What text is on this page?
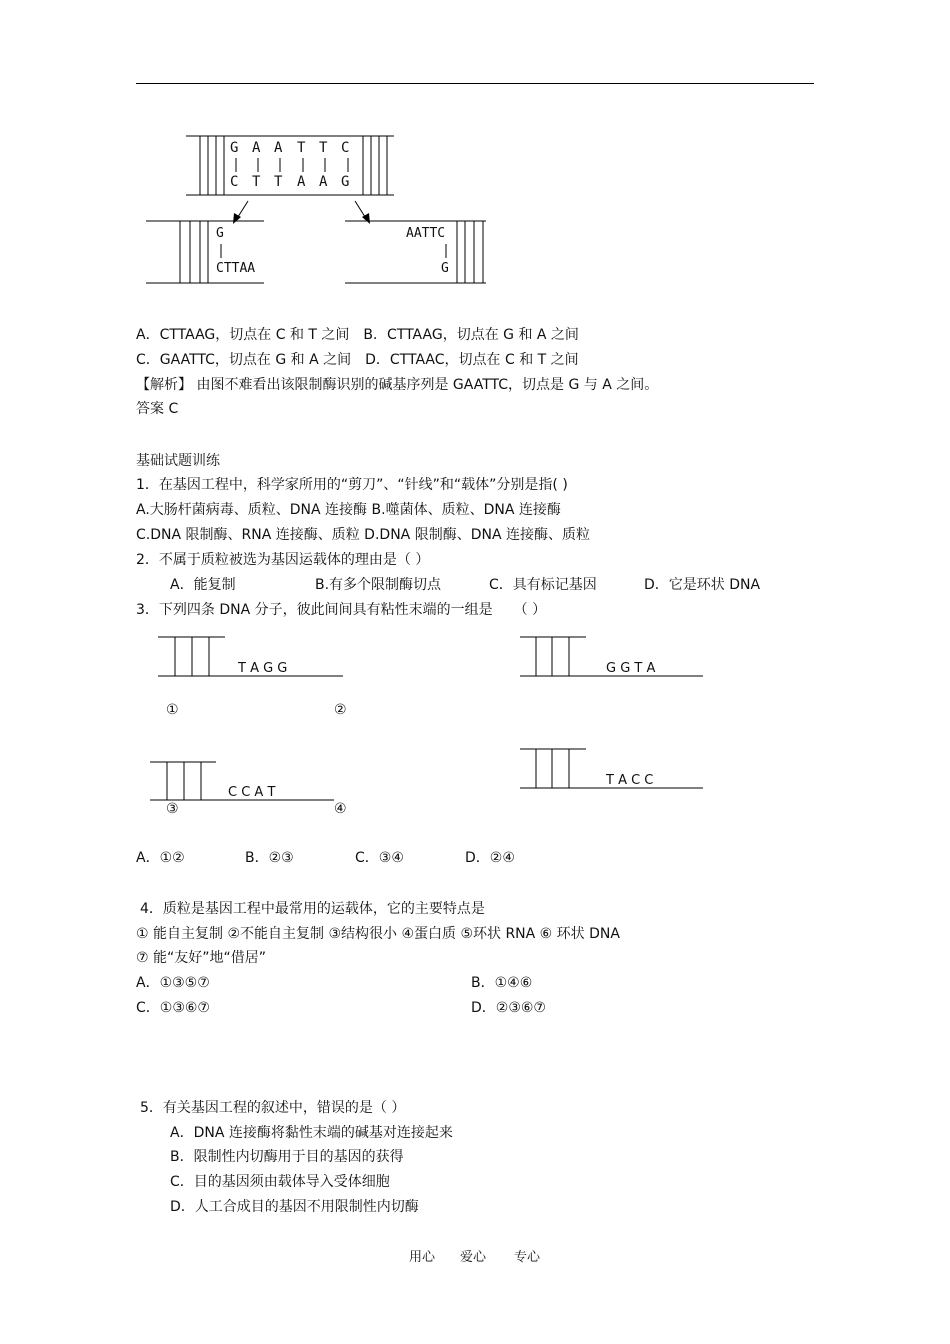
G A A T T C
C T T A A G
G
CTTAA
AATTC
G
A．CTTAAG，切点在 C 和 T 之间　B．CTTAAG，切点在 G 和 A 之间
C．GAATTC，切点在 G 和 A 之间　D．CTTAAC，切点在 C 和 T 之间
【解析】 由图不难看出该限制酶识别的碱基序列是 GAATTC，切点是 G 与 A 之间。
答案 C
基础试题训练
1．在基因工程中，科学家所用的“剪刀”、“针线”和“载体”分别是指( )
A.大肠杆菌病毒、质粒、DNA 连接酶 B.噬菌体、质粒、DNA 连接酶
C.DNA 限制酶、RNA 连接酶、质粒 D.DNA 限制酶、DNA 连接酶、质粒
2．不属于质粒被选为基因运载体的理由是（ ）
A．能复制	B.有多个限制酶切点	C．具有标记基因	D．它是环状 DNA
3．下列四条 DNA 分子，彼此间间具有粘性末端的一组是　　（ ）
T A G G	G G T A
C C A T
T A C C
①	②
③	④
A．①②	B．②③	C．③④	D．②④
4．质粒是基因工程中最常用的运载体，它的主要特点是
① 能自主复制 ②不能自主复制 ③结构很小 ④蛋白质 ⑤环状 RNA ⑥ 环状 DNA
⑦ 能“友好”地“借居”
A．①③⑤⑦	B．①④⑥
C．①③⑥⑦	D．②③⑥⑦
5．有关基因工程的叙述中，错误的是（ ）
A．DNA 连接酶将黏性末端的碱基对连接起来
B．限制性内切酶用于目的基因的获得
C．目的基因须由载体导入受体细胞
D．人工合成目的基因不用限制性内切酶
用心 爱心 专心
